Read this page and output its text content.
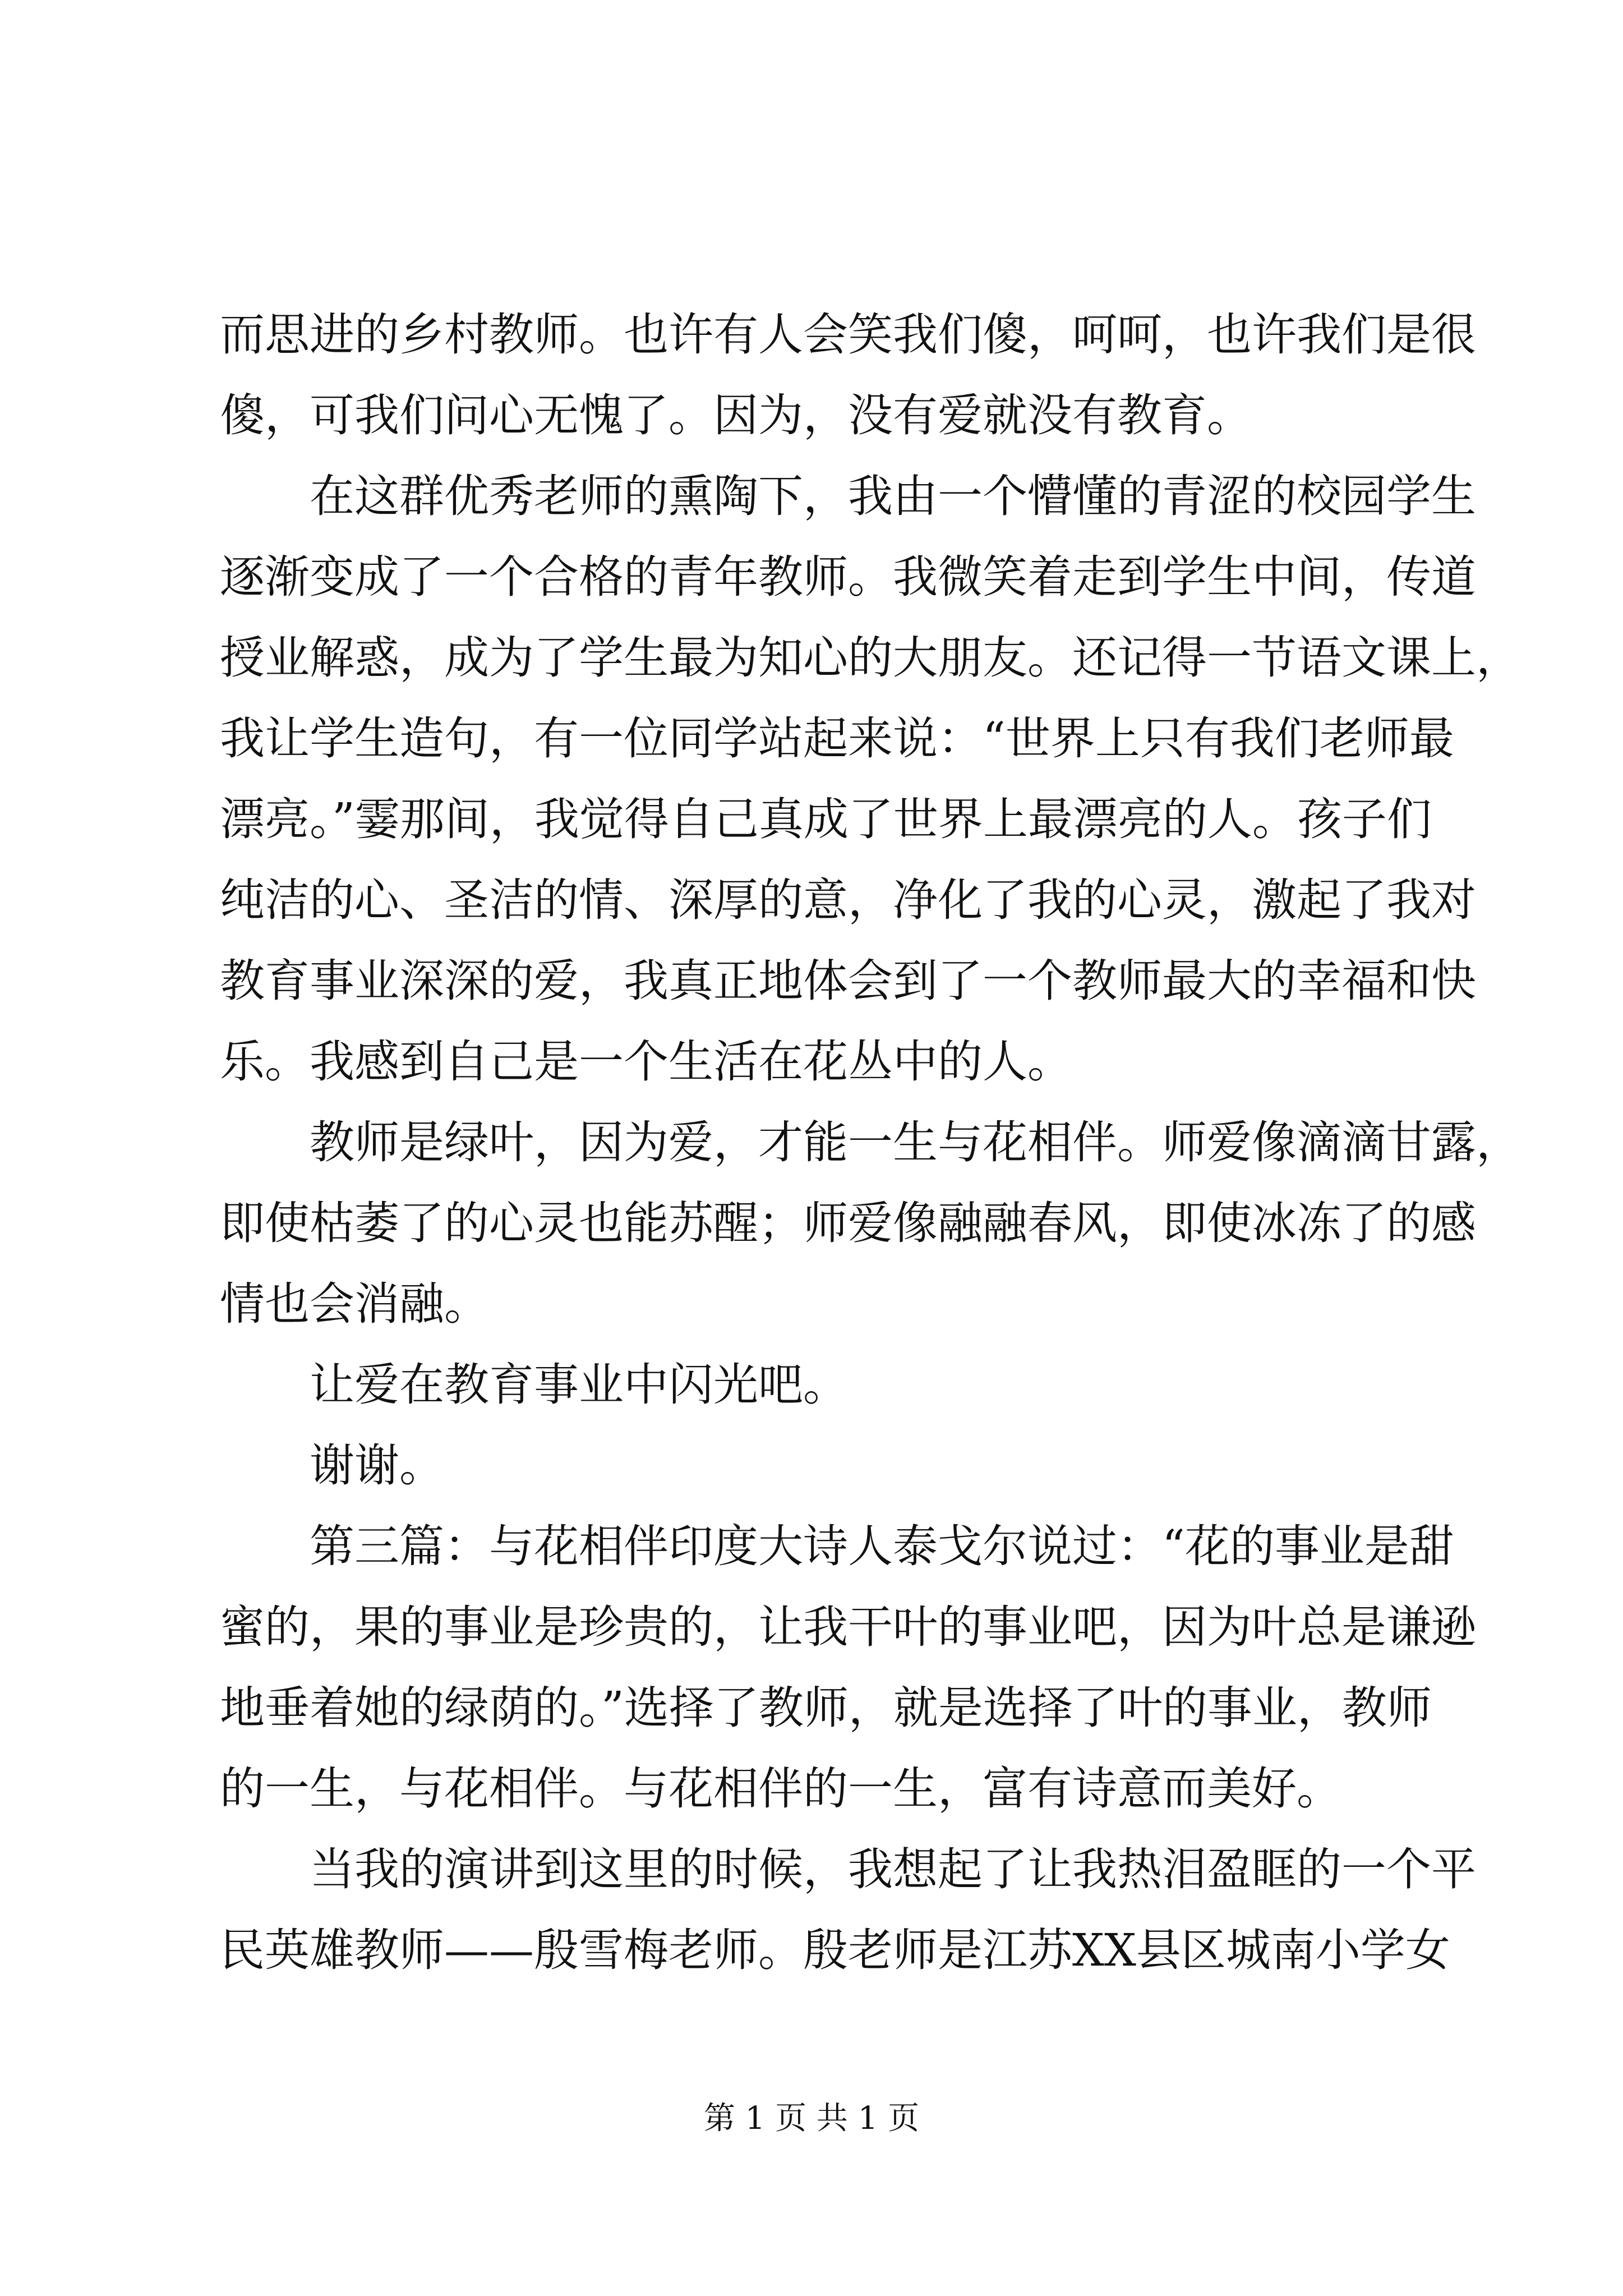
而思进的乡村教师。也许有人会笑我们傻，呵呵，也许我们是很
傻，可我们问心无愧了。因为，没有爱就没有教育。
在这群优秀老师的熏陶下，我由一个懵懂的青涩的校园学生
逐渐变成了一个合格的青年教师。我微笑着走到学生中间，传道
授业解惑，成为了学生最为知心的大朋友。还记得一节语文课上，
我让学生造句，有一位同学站起来说：“世界上只有我们老师最
漂亮。”霎那间，我觉得自己真成了世界上最漂亮的人。孩子们
纯洁的心、圣洁的情、深厚的意，净化了我的心灵，激起了我对
教育事业深深的爱，我真正地体会到了一个教师最大的幸福和快
乐。我感到自己是一个生活在花丛中的人。
教师是绿叶，因为爱，才能一生与花相伴。师爱像滴滴甘露，
即使枯萎了的心灵也能苏醒；师爱像融融春风，即使冰冻了的感
情也会消融。
让爱在教育事业中闪光吧。
谢谢。
第三篇：与花相伴印度大诗人泰戈尔说过：“花的事业是甜
蜜的，果的事业是珍贵的，让我干叶的事业吧，因为叶总是谦逊
地垂着她的绿荫的。”选择了教师，就是选择了叶的事业，教师
的一生，与花相伴。与花相伴的一生，富有诗意而美好。
当我的演讲到这里的时候，我想起了让我热泪盈眶的一个平
民英雄教师——殷雪梅老师。殷老师是江苏XX县区城南小学女
第 1 页 共 1 页
